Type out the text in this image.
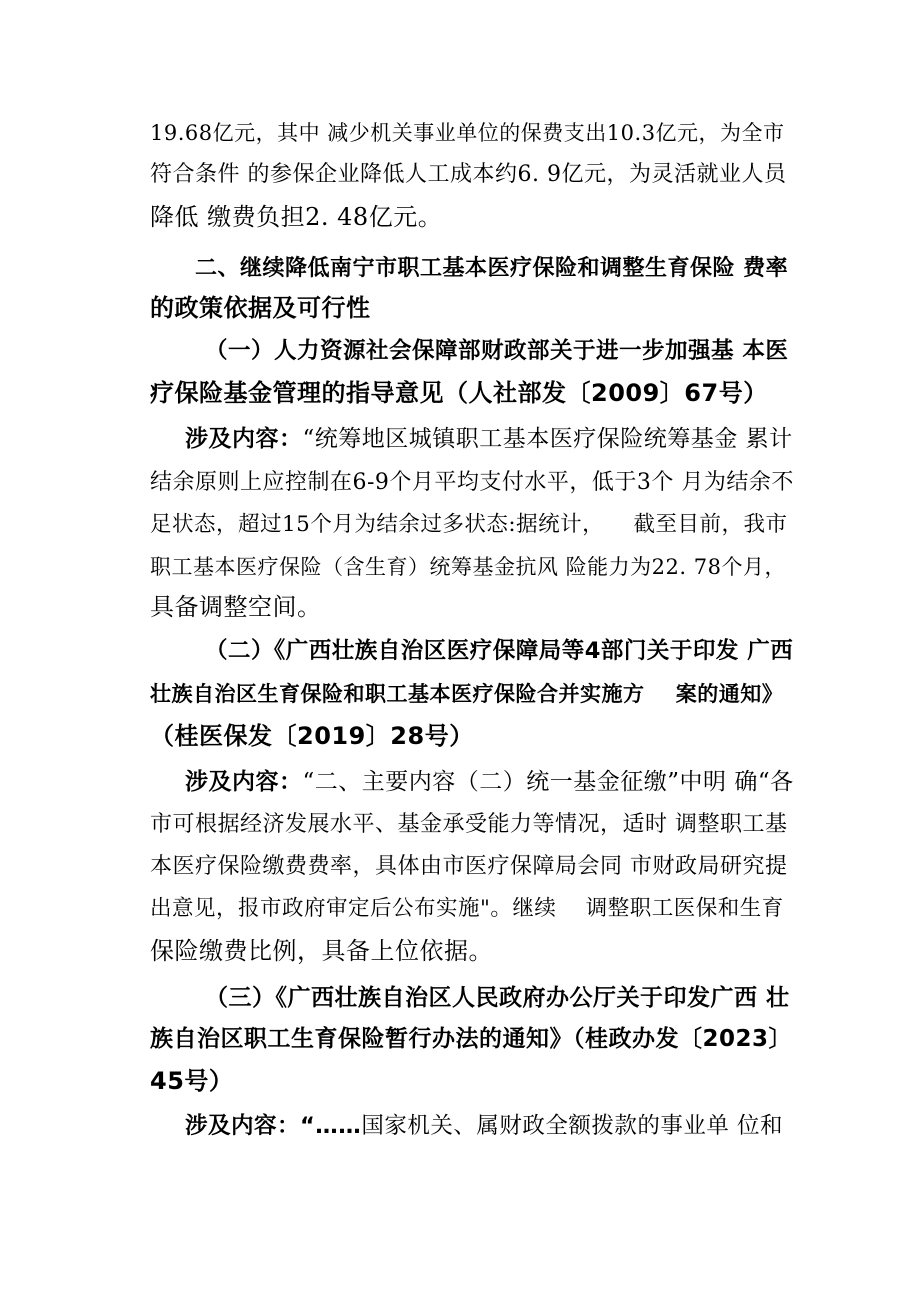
19.68亿元，其中 减少机关事业单位的保费支出10.3亿元，为全市
符合条件 的参保企业降低人工成本约6. 9亿元，为灵活就业人员
降低 缴费负担2. 48亿元。
二、继续降低南宁市职工基本医疗保险和调整生育保险 费率
的政策依据及可行性
（一）人力资源社会保障部财政部关于进一步加强基 本医
疗保险基金管理的指导意见（人社部发〔2009〕67号）
涉及内容：“统筹地区城镇职工基本医疗保险统筹基金 累计
结余原则上应控制在6-9个月平均支付水平，低于3个 月为结余不
足状态，超过15个月为结余过多状态:据统计，    截至目前，我市
职工基本医疗保险（含生育）统筹基金抗风 险能力为22. 78个月，
具备调整空间。
（二）《广西壮族自治区医疗保障局等4部门关于印发 广西
壮族自治区生育保险和职工基本医疗保险合并实施方    案的通知》
（桂医保发〔2019〕28号）
涉及内容：“二、主要内容（二）统一基金征缴”中明 确“各
市可根据经济发展水平、基金承受能力等情况，适时 调整职工基
本医疗保险缴费费率，具体由市医疗保障局会同 市财政局研究提
出意见，报市政府审定后公布实施"。继续    调整职工医保和生育
保险缴费比例，具备上位依据。
（三）《广西壮族自治区人民政府办公厅关于印发广西 壮
族自治区职工生育保险暂行办法的通知》（桂政办发〔2023〕
45号）
涉及内容：“……国家机关、属财政全额拨款的事业单 位和
